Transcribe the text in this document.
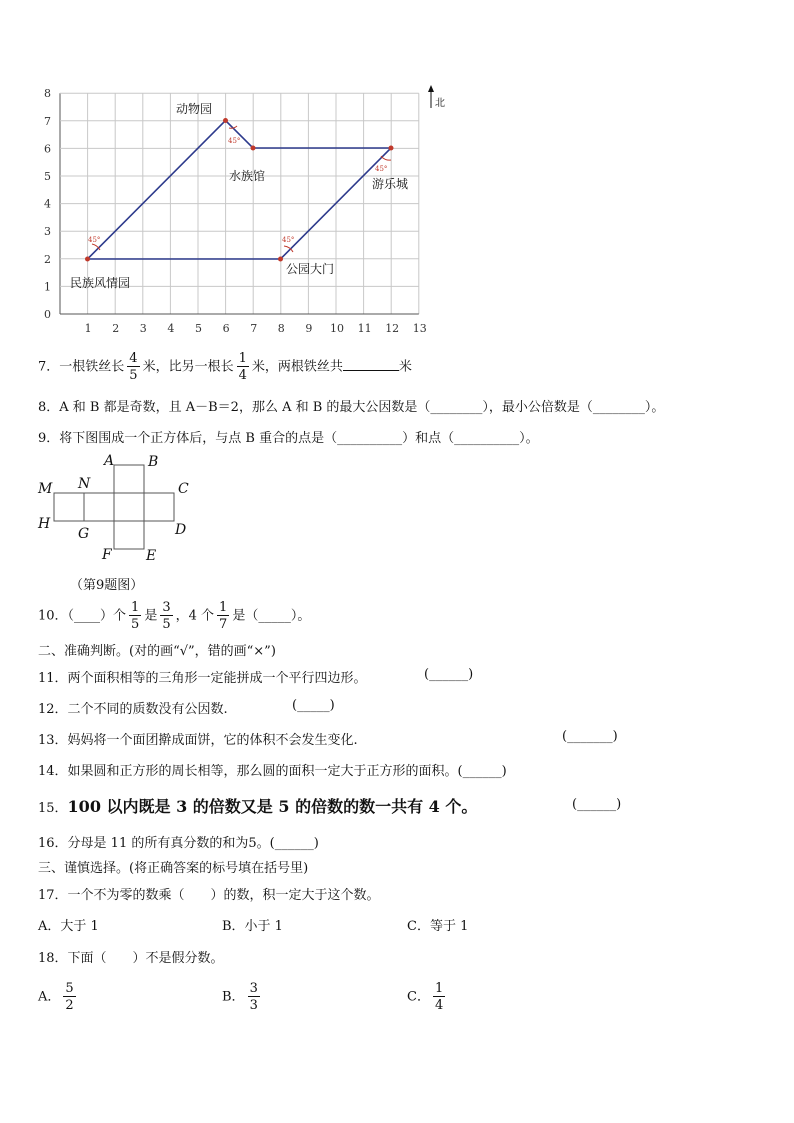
0
1
2
3
4
5
6
7
8
1 2 3 4 5 6 7 8 9 10 11 12 13
45°
45°
45°
45°
动物园
水族馆
游乐城
民族风情园
公园大门
北
7．一根铁丝长 $\frac{4}{5}$ 米，比另一根长 $\frac{1}{4}$ 米，两根铁丝共	米
8．A 和 B 都是奇数，且 A－B＝2，那么 A 和 B 的最大公因数是（________），最小公倍数是（________）。
9．将下图围成一个正方体后，与点 B 重合的点是（__________）和点（__________）。
A B
M N	C
H
G	D
F E
（第9题图）
10．（____）个 $\frac{1}{5}$ 是 $\frac{3}{5}$ ，4 个 $\frac{1}{7}$ 是（_____）。
二、准确判断。(对的画“√”，错的画“×”)
11．两个面积相等的三角形一定能拼成一个平行四边形。	(______)
12．二个不同的质数没有公因数.	(_____)
13．妈妈将一个面团擀成面饼，它的体积不会发生变化.	(_______)
14．如果圆和正方形的周长相等，那么圆的面积一定大于正方形的面积。(______)
15．100 以内既是 3 的倍数又是 5 的倍数的数一共有 4 个。	(______)
16．分母是 11 的所有真分数的和为5。(______)
三、谨慎选择。(将正确答案的标号填在括号里)
17．一个不为零的数乘（　　）的数，积一定大于这个数。
A．大于 1	B．小于 1	C．等于 1
18．下面（　　）不是假分数。
A． $\frac{5}{2}$	B． $\frac{3}{3}$	C． $\frac{1}{4}$
